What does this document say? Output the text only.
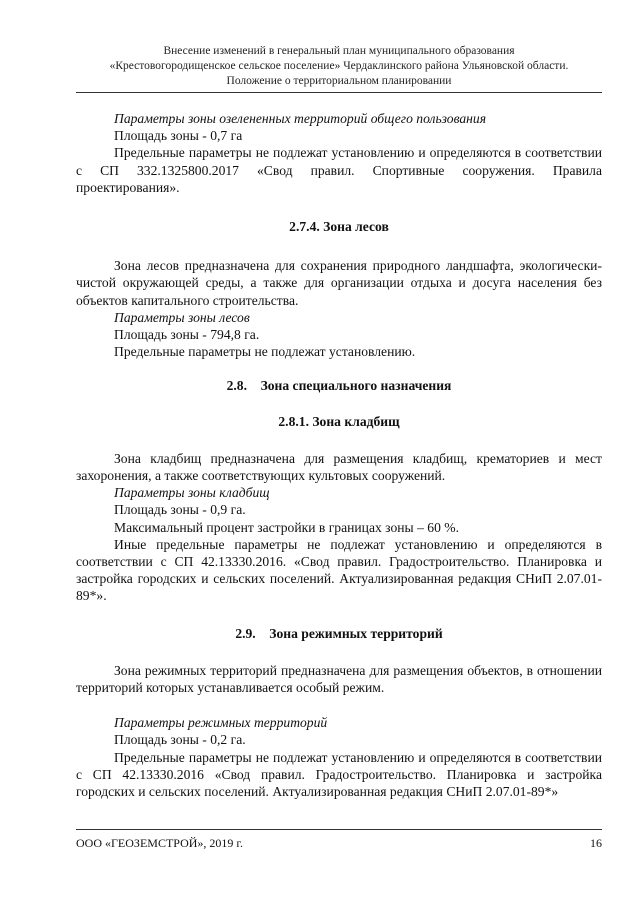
Внесение изменений в генеральный план муниципального образования
«Крестовогородищенское сельское поселение» Чердаклинского района Ульяновской области.
Положение о территориальном планировании

Параметры зоны озелененных территорий общего пользования

Площадь зоны - 0,7 га

Предельные параметры не подлежат установлению и определяются в соответствии с СП 332.1325800.2017 «Свод правил. Спортивные сооружения. Правила проектирования».

2.7.4. Зона лесов

Зона лесов предназначена для сохранения природного ландшафта, экологически-чистой окружающей среды, а также для организации отдыха и досуга населения без объектов капитального строительства.

Параметры зоны лесов

Площадь зоны - 794,8 га.

Предельные параметры не подлежат установлению.

2.8.    Зона специального назначения

2.8.1. Зона кладбищ

Зона кладбищ предназначена для размещения кладбищ, крематориев и мест захоронения, а также соответствующих культовых сооружений.

Параметры зоны кладбищ

Площадь зоны - 0,9 га.

Максимальный процент застройки в границах зоны – 60 %.

Иные предельные параметры не подлежат установлению и определяются в соответствии с СП 42.13330.2016. «Свод правил. Градостроительство. Планировка и застройка городских и сельских поселений. Актуализированная редакция СНиП 2.07.01-89*».

2.9.    Зона режимных территорий

Зона режимных территорий предназначена для размещения объектов, в отношении территорий которых устанавливается особый режим.

Параметры режимных территорий

Площадь зоны - 0,2 га.

Предельные параметры не подлежат установлению и определяются в соответствии с СП 42.13330.2016 «Свод правил. Градостроительство. Планировка и застройка городских и сельских поселений. Актуализированная редакция СНиП 2.07.01-89*»

ООО «ГЕОЗЕМСТРОЙ», 2019 г.	16
